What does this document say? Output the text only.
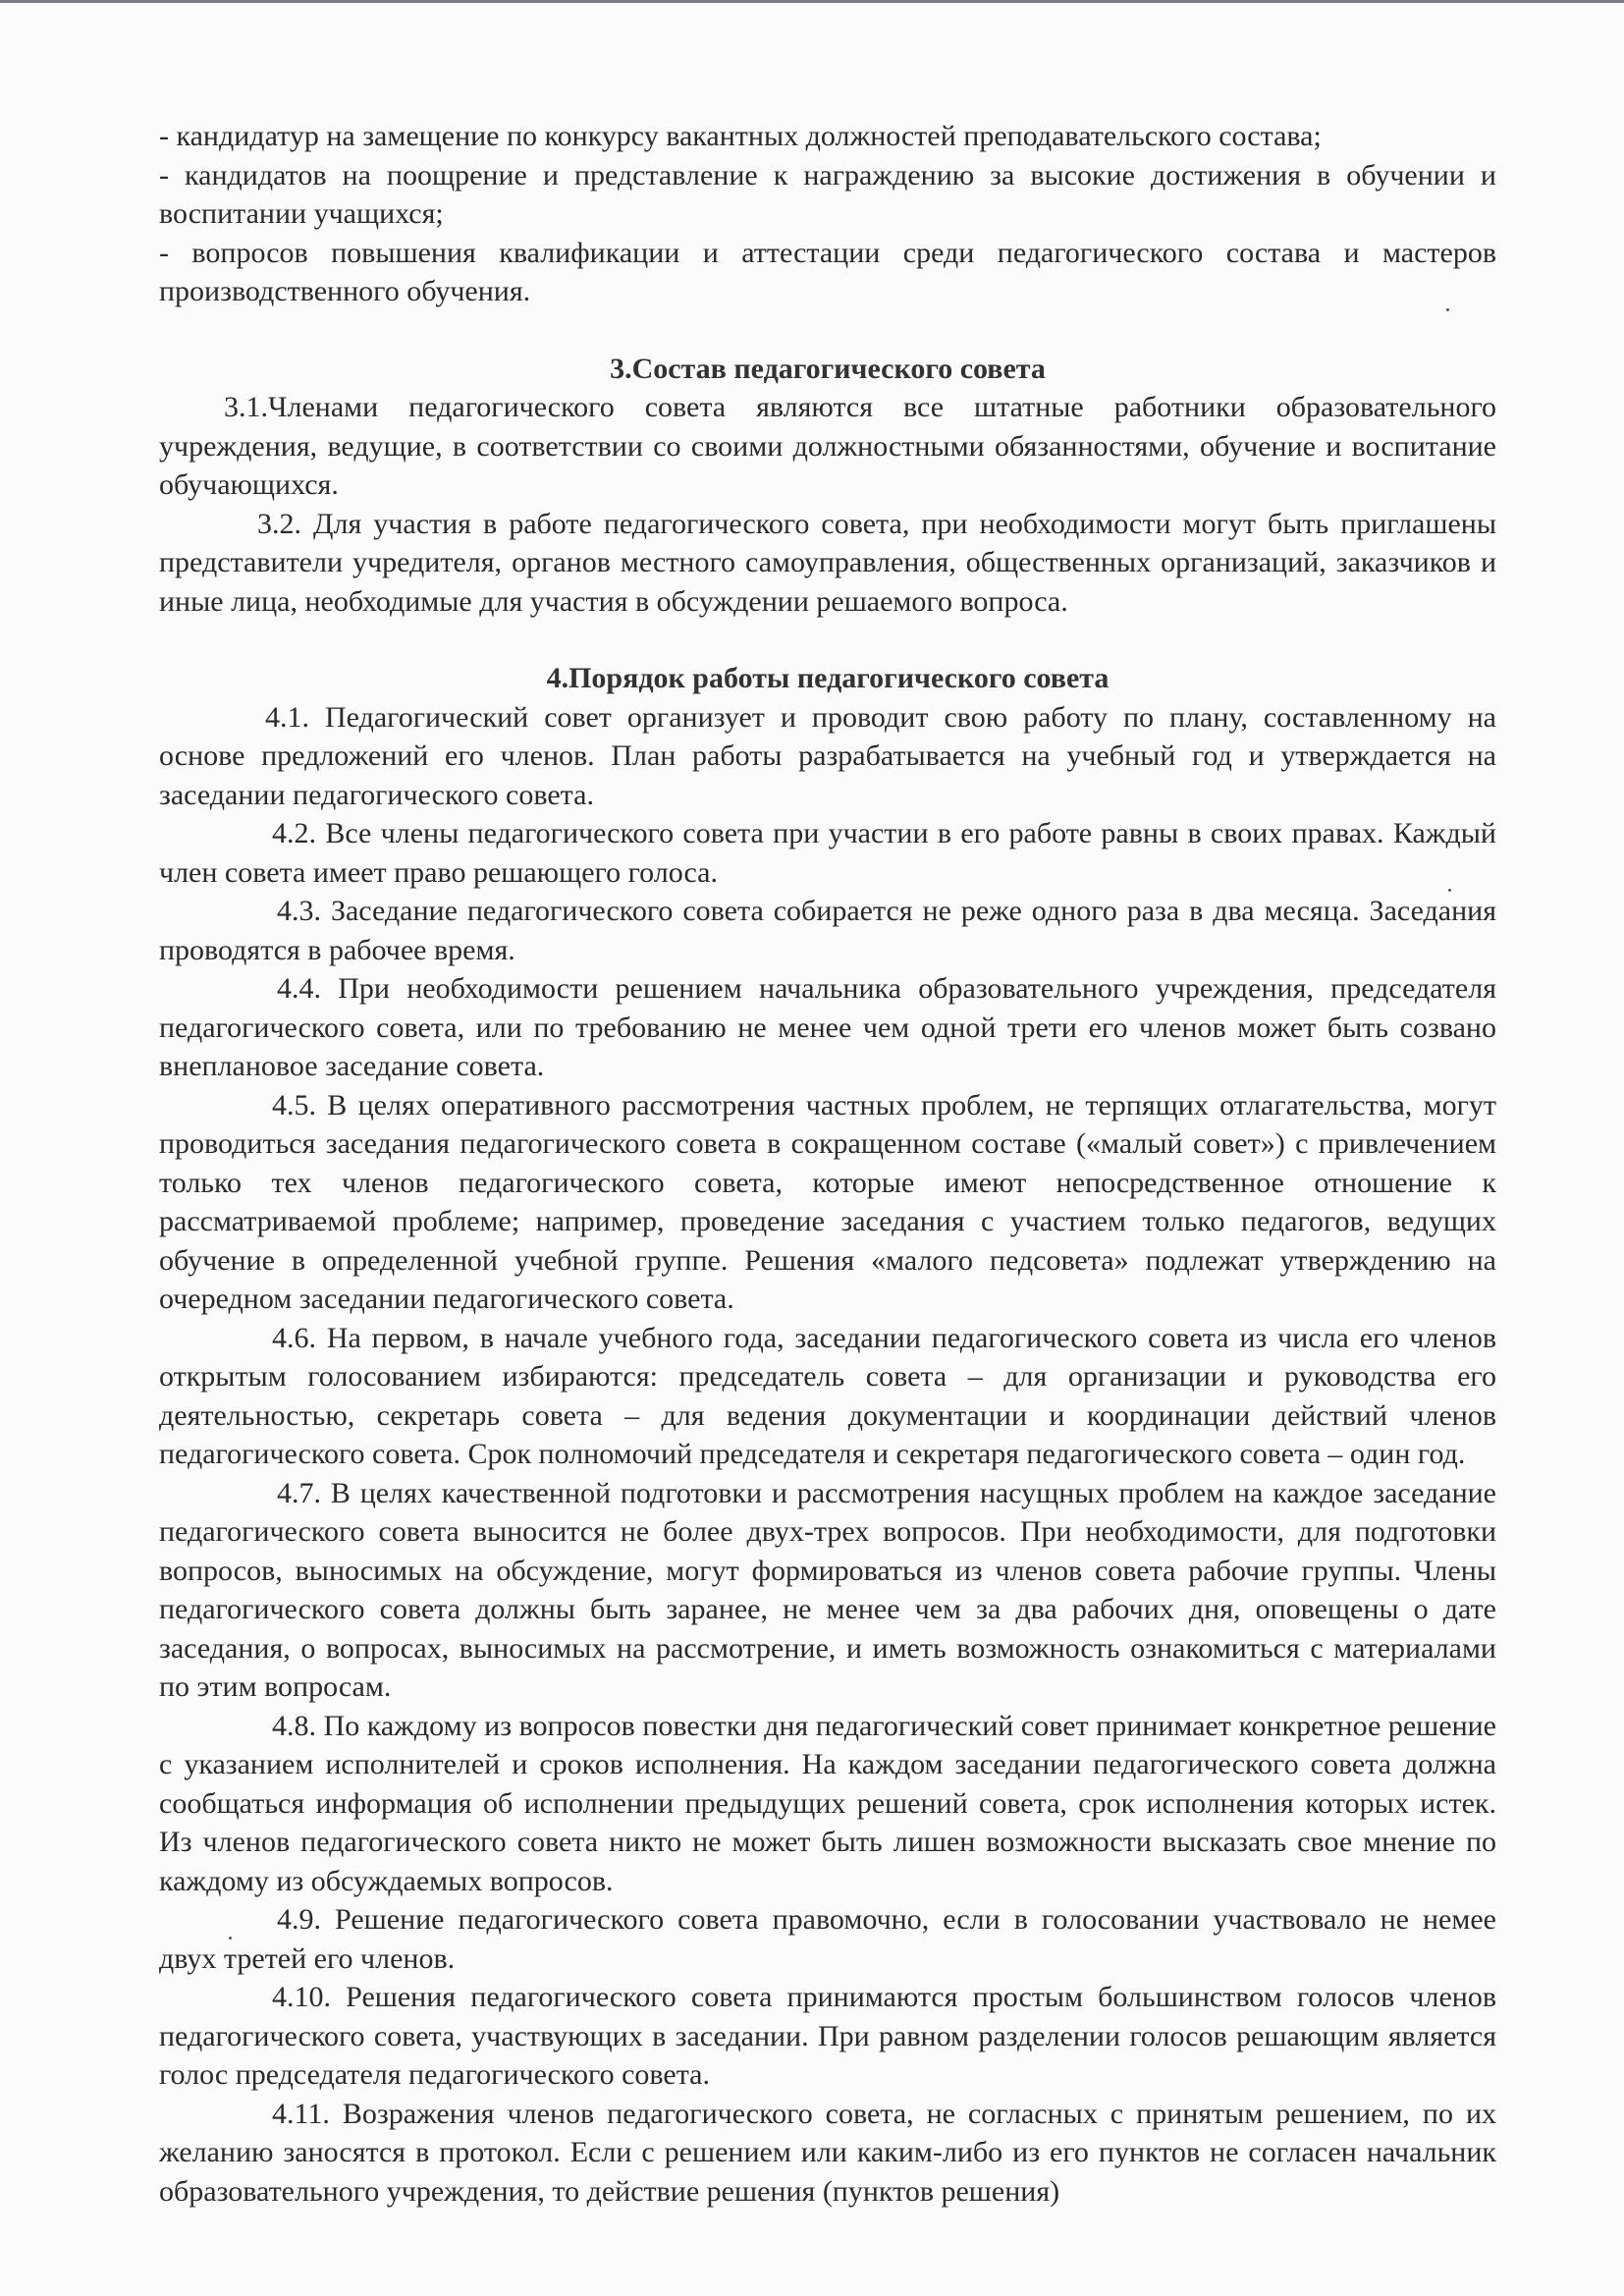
- кандидатур на замещение по конкурсу вакантных должностей преподавательского состава;

- кандидатов на поощрение и представление к награждению за высокие достижения в обучении и воспитании учащихся;

- вопросов повышения квалификации и аттестации среди педагогического состава и мастеров производственного обучения.

3.Состав педагогического совета

3.1.Членами педагогического совета являются все штатные работники образовательного учреждения, ведущие, в соответствии со своими должностными обязанностями, обучение и воспитание обучающихся.

3.2. Для участия в работе педагогического совета, при необходимости могут быть приглашены представители учредителя, органов местного самоуправления, общественных организаций, заказчиков и иные лица, необходимые для участия в обсуждении решаемого вопроса.

4.Порядок работы педагогического совета

4.1. Педагогический совет организует и проводит свою работу по плану, составленному на основе предложений его членов. План работы разрабатывается на учебный год и утверждается на заседании педагогического совета.

4.2. Все члены педагогического совета при участии в его работе равны в своих правах. Каждый член совета имеет право решающего голоса.

4.3. Заседание педагогического совета собирается не реже одного раза в два месяца. Заседания проводятся в рабочее время.

4.4. При необходимости решением начальника образовательного учреждения, председателя педагогического совета, или по требованию не менее чем одной трети его членов может быть созвано внеплановое заседание совета.

4.5. В целях оперативного рассмотрения частных проблем, не терпящих отлагательства, могут проводиться заседания педагогического совета в сокращенном составе («малый совет») с привлечением только тех членов педагогического совета, которые имеют непосредственное отношение к рассматриваемой проблеме; например, проведение заседания с участием только педагогов, ведущих обучение в определенной учебной группе. Решения «малого педсовета» подлежат утверждению на очередном заседании педагогического совета.

4.6. На первом, в начале учебного года, заседании педагогического совета из числа его членов открытым голосованием избираются: председатель совета – для организации и руководства его деятельностью, секретарь совета – для ведения документации и координации действий членов педагогического совета. Срок полномочий председателя и секретаря педагогического совета – один год.

4.7. В целях качественной подготовки и рассмотрения насущных проблем на каждое заседание педагогического совета выносится не более двух-трех вопросов. При необходимости, для подготовки вопросов, выносимых на обсуждение, могут формироваться из членов совета рабочие группы. Члены педагогического совета должны быть заранее, не менее чем за два рабочих дня, оповещены о дате заседания, о вопросах, выносимых на рассмотрение, и иметь возможность ознакомиться с материалами по этим вопросам.

4.8. По каждому из вопросов повестки дня педагогический совет принимает конкретное решение с указанием исполнителей и сроков исполнения. На каждом заседании педагогического совета должна сообщаться информация об исполнении предыдущих решений совета, срок исполнения которых истек. Из членов педагогического совета никто не может быть лишен возможности высказать свое мнение по каждому из обсуждаемых вопросов.

4.9. Решение педагогического совета правомочно, если в голосовании участвовало не немее двух третей его членов.

4.10. Решения педагогического совета принимаются простым большинством голосов членов педагогического совета, участвующих в заседании. При равном разделении голосов решающим является голос председателя педагогического совета.

4.11. Возражения членов педагогического совета, не согласных с принятым решением, по их желанию заносятся в протокол. Если с решением или каким-либо из его пунктов не согласен начальник образовательного учреждения, то действие решения (пунктов решения)
